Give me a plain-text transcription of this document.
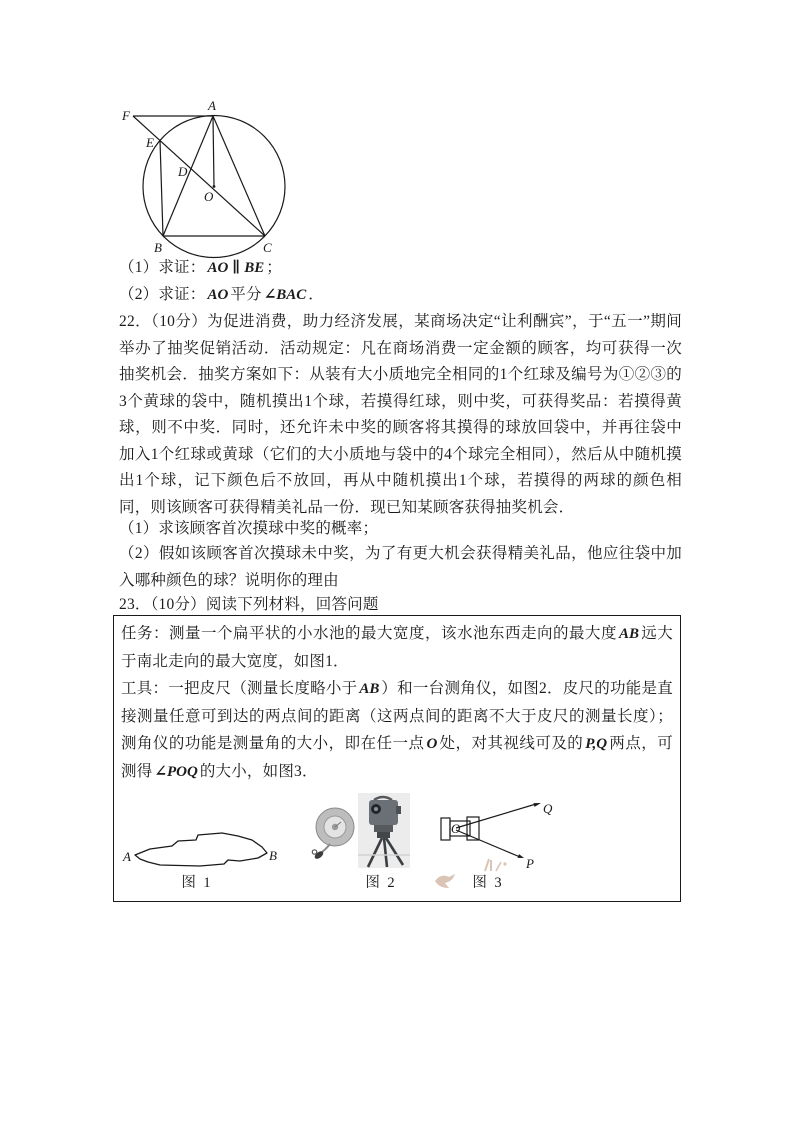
A
F
E
D
O
B	C
（1）求证： AO ∥ BE ；
（2）求证： AO 平分 ∠BAC ．
22．（10分）为促进消费，助力经济发展，某商场决定“让利酬宾”，于“五一”期间举办了抽奖促销活动．活动规定：凡在商场消费一定金额的顾客，均可获得一次抽奖机会．抽奖方案如下：从装有大小质地完全相同的1个红球及编号为①②③的3个黄球的袋中，随机摸出1个球，若摸得红球，则中奖，可获得奖品：若摸得黄球，则不中奖．同时，还允许未中奖的顾客将其摸得的球放回袋中，并再往袋中加入1个红球或黄球（它们的大小质地与袋中的4个球完全相同），然后从中随机摸出1个球，记下颜色后不放回，再从中随机摸出1个球，若摸得的两球的颜色相同，则该顾客可获得精美礼品一份．现已知某顾客获得抽奖机会．
（1）求该顾客首次摸球中奖的概率；
（2）假如该顾客首次摸球未中奖，为了有更大机会获得精美礼品，他应往袋中加入哪种颜色的球？说明你的理由
23．（10分）阅读下列材料，回答问题
任务：测量一个扁平状的小水池的最大宽度，该水池东西走向的最大度 AB 远大于南北走向的最大宽度，如图1．
工具：一把皮尺（测量长度略小于 AB ）和一台测角仪，如图2．皮尺的功能是直接测量任意可到达的两点间的距离（这两点间的距离不大于皮尺的测量长度）；测角仪的功能是测量角的大小，即在任一点 O 处，对其视线可及的 P,Q 两点，可测得 ∠POQ 的大小，如图3．
A	B
图 1	图 2
O
Q
P
图 3
